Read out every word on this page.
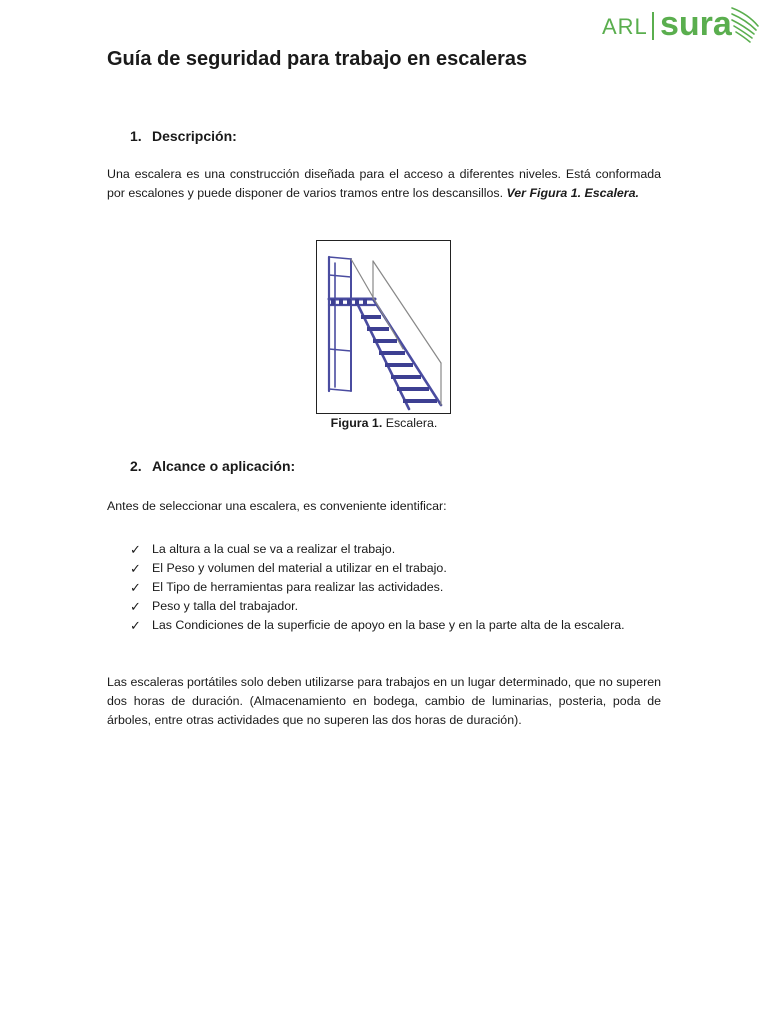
ARL sura
Guía de seguridad para trabajo en escaleras
1. Descripción:

Una escalera es una construcción diseñada para el acceso a diferentes niveles. Está conformada por escalones y puede disponer de varios tramos entre los descansillos. Ver Figura 1. Escalera.

Figura 1. Escalera.
2. Alcance o aplicación:

Antes de seleccionar una escalera, es conveniente identificar:

✓ La altura a la cual se va a realizar el trabajo.
✓ El Peso y volumen del material a utilizar en el trabajo.
✓ El Tipo de herramientas para realizar las actividades.
✓ Peso y talla del trabajador.
✓ Las Condiciones de la superficie de apoyo en la base y en la parte alta de la escalera.

Las escaleras portátiles solo deben utilizarse para trabajos en un lugar determinado, que no superen dos horas de duración. (Almacenamiento en bodega, cambio de luminarias, posteria, poda de árboles, entre otras actividades que no superen las dos horas de duración).
